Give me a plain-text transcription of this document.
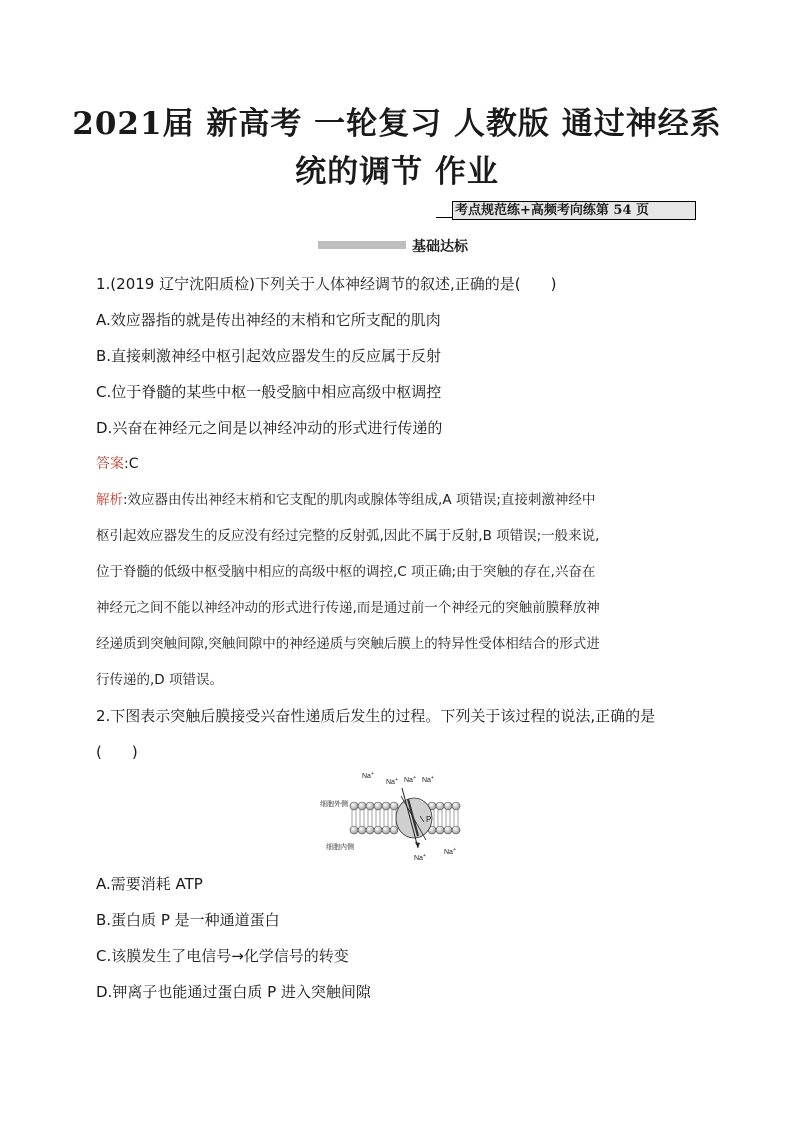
2021届 新高考 一轮复习 人教版 通过神经系
统的调节 作业
考点规范练+高频考向练第 54 页
基础达标
1.(2019 辽宁沈阳质检)下列关于人体神经调节的叙述,正确的是(　　)
A.效应器指的就是传出神经的末梢和它所支配的肌肉
B.直接刺激神经中枢引起效应器发生的反应属于反射
C.位于脊髓的某些中枢一般受脑中相应高级中枢调控
D.兴奋在神经元之间是以神经冲动的形式进行传递的
答案:C
解析:效应器由传出神经末梢和它支配的肌肉或腺体等组成,A 项错误;直接刺激神经中
枢引起效应器发生的反应没有经过完整的反射弧,因此不属于反射,B 项错误;一般来说,
位于脊髓的低级中枢受脑中相应的高级中枢的调控,C 项正确;由于突触的存在,兴奋在
神经元之间不能以神经冲动的形式进行传递,而是通过前一个神经元的突触前膜释放神
经递质到突触间隙,突触间隙中的神经递质与突触后膜上的特异性受体相结合的形式进
行传递的,D 项错误。
2.下图表示突触后膜接受兴奋性递质后发生的过程。下列关于该过程的说法,正确的是
(　　)
P
细胞外侧
细胞内侧
Na+
Na+ Na+ Na+
Na+	Na+
A.需要消耗 ATP
B.蛋白质 P 是一种通道蛋白
C.该膜发生了电信号→化学信号的转变
D.钾离子也能通过蛋白质 P 进入突触间隙
